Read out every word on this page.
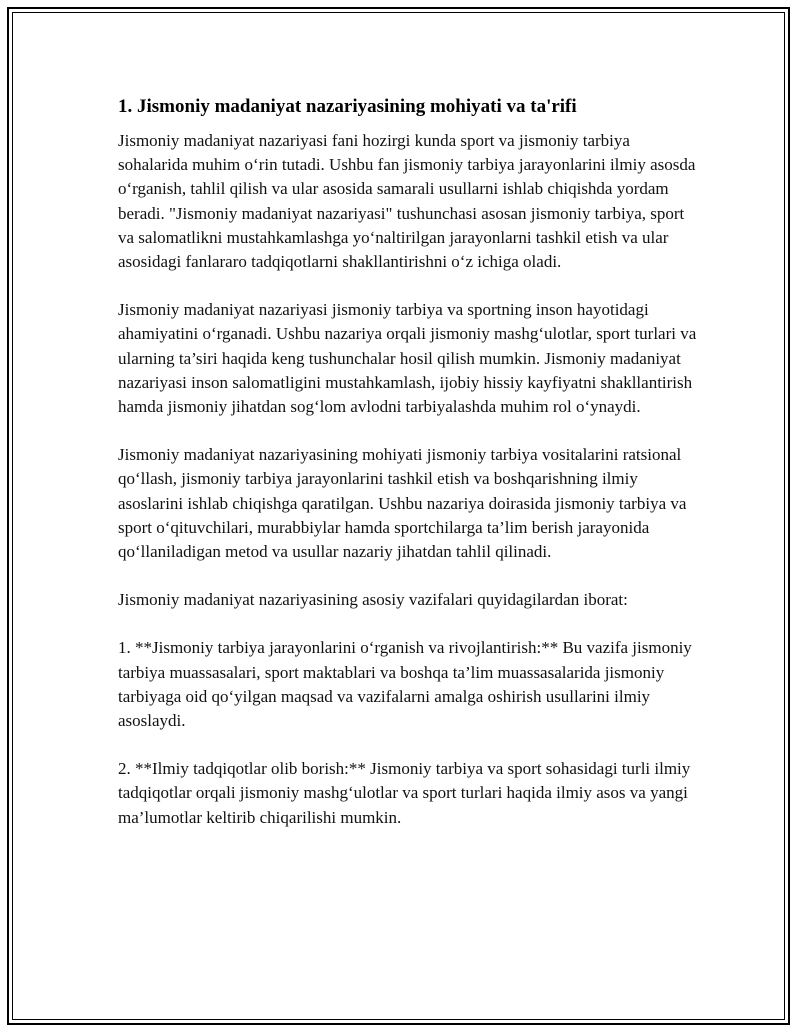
1. Jismoniy madaniyat nazariyasining mohiyati va ta'rifi

Jismoniy madaniyat nazariyasi fani hozirgi kunda sport va jismoniy tarbiya sohalarida muhim o‘rin tutadi. Ushbu fan jismoniy tarbiya jarayonlarini ilmiy asosda o‘rganish, tahlil qilish va ular asosida samarali usullarni ishlab chiqishda yordam beradi. "Jismoniy madaniyat nazariyasi" tushunchasi asosan jismoniy tarbiya, sport va salomatlikni mustahkamlashga yo‘naltirilgan jarayonlarni tashkil etish va ular asosidagi fanlararo tadqiqotlarni shakllantirishni o‘z ichiga oladi.

Jismoniy madaniyat nazariyasi jismoniy tarbiya va sportning inson hayotidagi ahamiyatini o‘rganadi. Ushbu nazariya orqali jismoniy mashg‘ulotlar, sport turlari va ularning ta’siri haqida keng tushunchalar hosil qilish mumkin. Jismoniy madaniyat nazariyasi inson salomatligini mustahkamlash, ijobiy hissiy kayfiyatni shakllantirish hamda jismoniy jihatdan sog‘lom avlodni tarbiyalashda muhim rol o‘ynaydi.

Jismoniy madaniyat nazariyasining mohiyati jismoniy tarbiya vositalarini ratsional qo‘llash, jismoniy tarbiya jarayonlarini tashkil etish va boshqarishning ilmiy asoslarini ishlab chiqishga qaratilgan. Ushbu nazariya doirasida jismoniy tarbiya va sport o‘qituvchilari, murabbiylar hamda sportchilarga ta’lim berish jarayonida qo‘llaniladigan metod va usullar nazariy jihatdan tahlil qilinadi.

Jismoniy madaniyat nazariyasining asosiy vazifalari quyidagilardan iborat:

1. **Jismoniy tarbiya jarayonlarini o‘rganish va rivojlantirish:** Bu vazifa jismoniy tarbiya muassasalari, sport maktablari va boshqa ta’lim muassasalarida jismoniy tarbiyaga oid qo‘yilgan maqsad va vazifalarni amalga oshirish usullarini ilmiy asoslaydi.

2. **Ilmiy tadqiqotlar olib borish:** Jismoniy tarbiya va sport sohasidagi turli ilmiy tadqiqotlar orqali jismoniy mashg‘ulotlar va sport turlari haqida ilmiy asos va yangi ma’lumotlar keltirib chiqarilishi mumkin.
